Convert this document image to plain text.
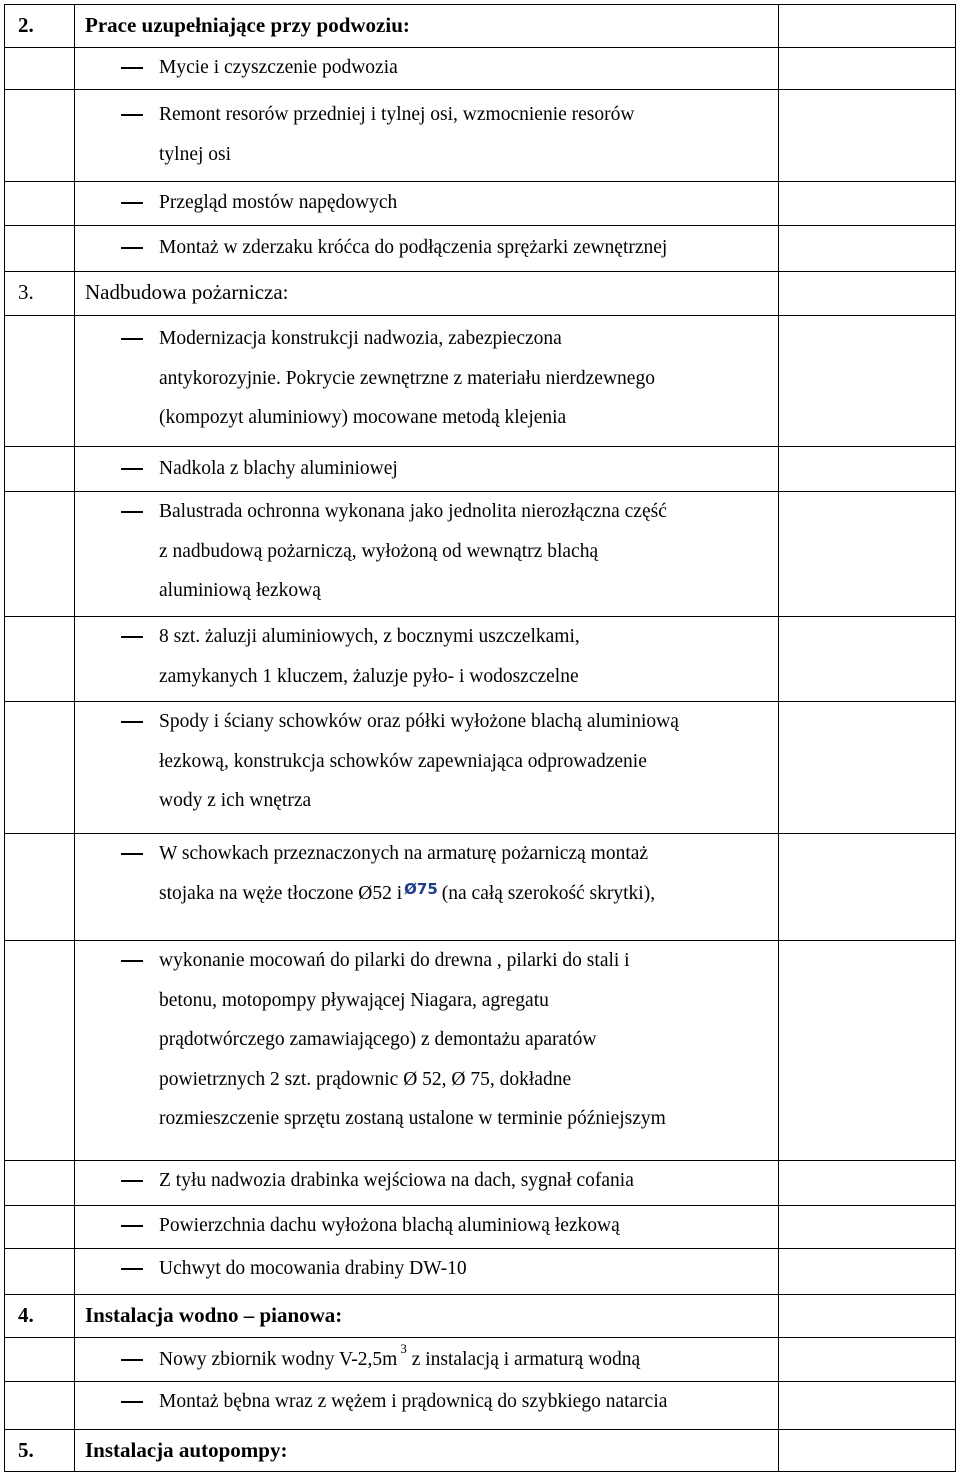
2.	Prace uzupełniające przy podwoziu:	

	Mycie i czyszczenie podwozia	

	Remont resorów przedniej i tylnej osi, wzmocnienie resorów
tylnej osi	

	Przegląd mostów napędowych	

	Montaż w zderzaku króćca do podłączenia sprężarki zewnętrznej	

3.	Nadbudowa pożarnicza:	

	Modernizacja konstrukcji nadwozia, zabezpieczona
antykorozyjnie. Pokrycie zewnętrzne z materiału nierdzewnego
(kompozyt aluminiowy) mocowane metodą klejenia	

	Nadkola z blachy aluminiowej	

	Balustrada ochronna wykonana jako jednolita nierozłączna część
z nadbudową pożarniczą, wyłożoną od wewnątrz blachą
aluminiową łezkową	

	8 szt. żaluzji aluminiowych, z bocznymi uszczelkami,
zamykanych 1 kluczem, żaluzje pyło- i wodoszczelne	

	Spody i ściany schowków oraz półki wyłożone blachą aluminiową
łezkową, konstrukcja schowków zapewniająca odprowadzenie
wody z ich wnętrza	

	W schowkach przeznaczonych na armaturę pożarniczą montaż
stojaka na węże tłoczone Ø52 i Ø75 (na całą szerokość skrytki),	

	wykonanie mocowań do pilarki do drewna , pilarki do stali i
betonu, motopompy pływającej Niagara, agregatu
prądotwórczego zamawiającego) z demontażu aparatów
powietrznych 2 szt. prądownic Ø 52, Ø 75, dokładne
rozmieszczenie sprzętu zostaną ustalone w terminie późniejszym	

	Z tyłu nadwozia drabinka wejściowa na dach, sygnał cofania	

	Powierzchnia dachu wyłożona blachą aluminiową łezkową	

	Uchwyt do mocowania drabiny DW-10	

4.	Instalacja wodno – pianowa:	

	Nowy zbiornik wodny $V-2,5m^3$ z instalacją i armaturą wodną	

	Montaż bębna wraz z wężem i prądownicą do szybkiego natarcia	

5.	Instalacja autopompy:	
